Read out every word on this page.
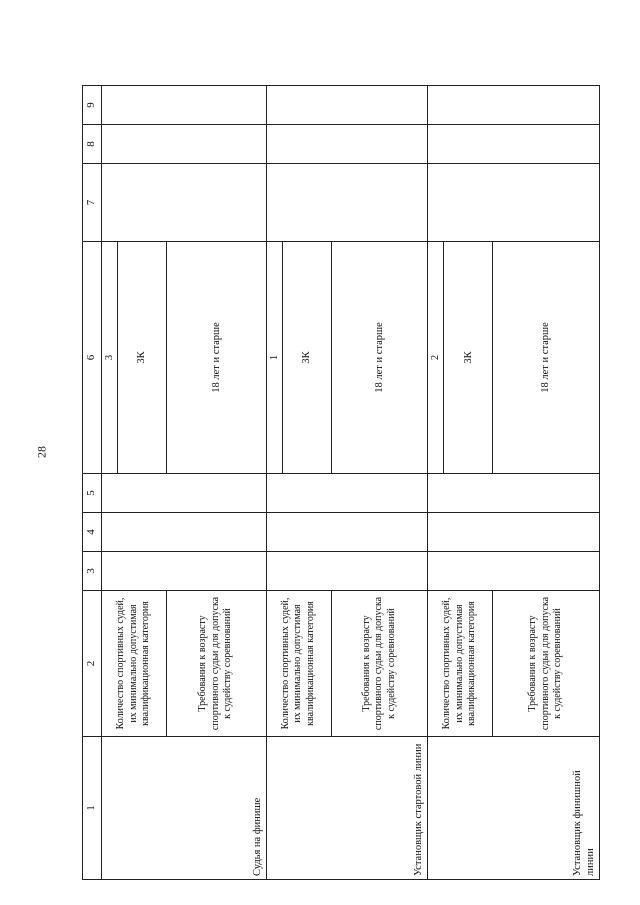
28
1	2	3	4	5	6	7	8	9
Судья на финише	Количество спортивных судей, их минимально допустимая квалификационная категория				3			
					3К			
	Требования к возрасту спортивного судьи для допуска к судейству соревнований				18 лет и старше			
Установщик стартовой линии	Количество спортивных судей, их минимально допустимая квалификационная категория				1			
					3К			
	Требования к возрасту спортивного судьи для допуска к судейству соревнований				18 лет и старше			
Установщик финишной линии	Количество спортивных судей, их минимально допустимая квалификационная категория				2			
					3К			
	Требования к возрасту спортивного судьи для допуска к судейству соревнований				18 лет и старше			
